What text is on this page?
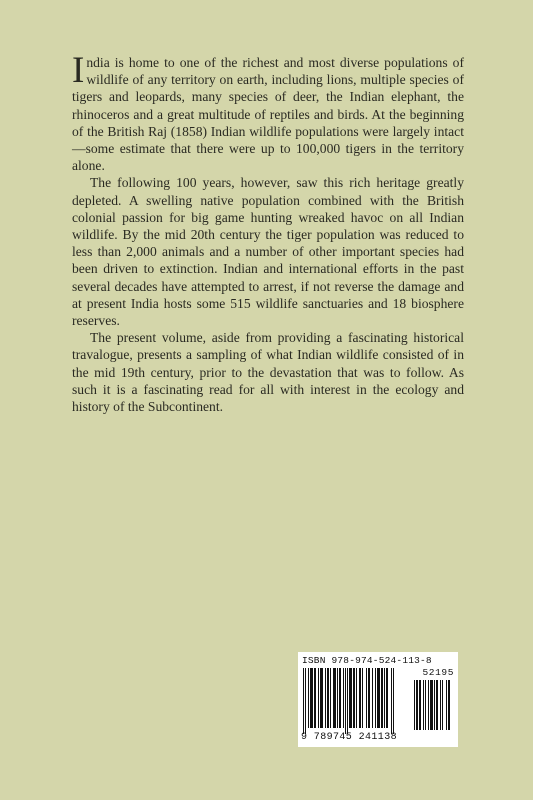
India is home to one of the richest and most diverse populations of wildlife of any territory on earth, including lions, multiple species of tigers and leopards, many species of deer, the Indian elephant, the rhinoceros and a great multitude of reptiles and birds. At the beginning of the British Raj (1858) Indian wildlife populations were largely intact—some estimate that there were up to 100,000 tigers in the territory alone.

The following 100 years, however, saw this rich heritage greatly depleted. A swelling native population combined with the British colonial passion for big game hunting wreaked havoc on all Indian wildlife. By the mid 20th century the tiger population was reduced to less than 2,000 animals and a number of other important species had been driven to extinction. Indian and international efforts in the past several decades have attempted to arrest, if not reverse the damage and at present India hosts some 515 wildlife sanctuaries and 18 biosphere reserves.

The present volume, aside from providing a fascinating historical travalogue, presents a sampling of what Indian wildlife consisted of in the mid 19th century, prior to the devastation that was to follow. As such it is a fascinating read for all with interest in the ecology and history of the Subcontinent.

ISBN 978-974-524-113-8
52195
9 789745 241138
